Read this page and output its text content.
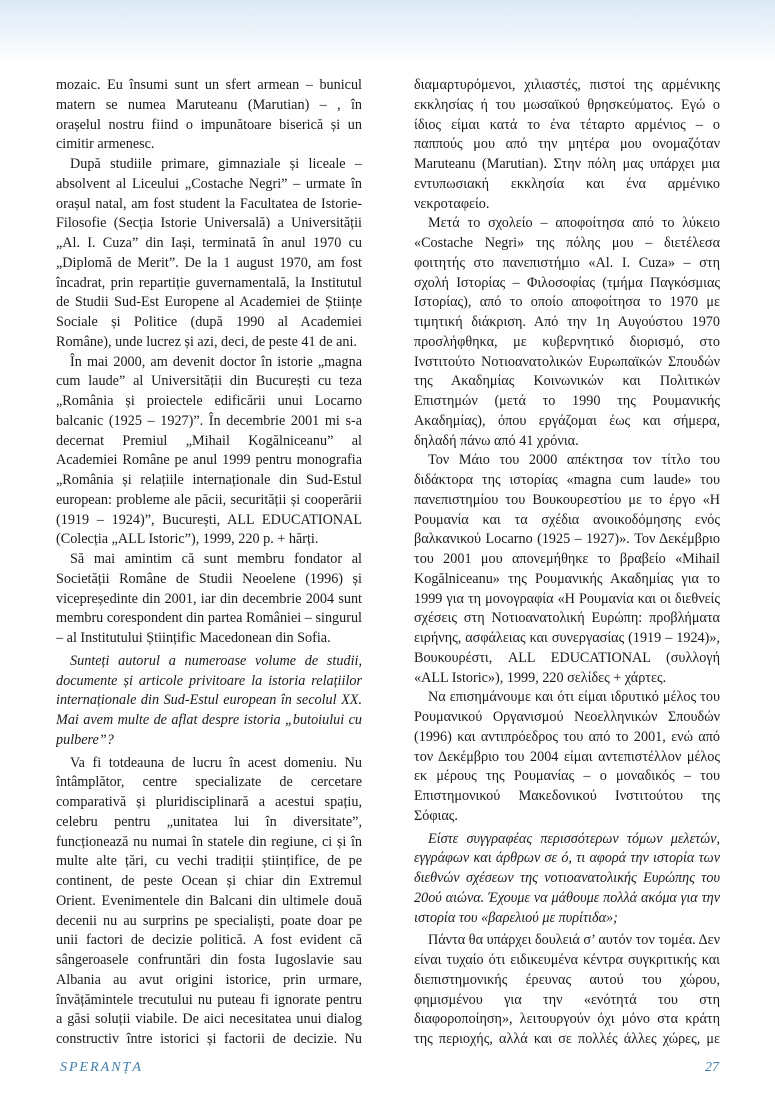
mozaic. Eu însumi sunt un sfert armean – bunicul matern se numea Maruteanu (Marutian) – , în orașelul nostru fiind o impunătoare biserică și un cimitir armenesc.

După studiile primare, gimnaziale și liceale – absolvent al Liceului „Costache Negri” – urmate în orașul natal, am fost student la Facultatea de Istorie-Filosofie (Secția Istorie Universală) a Universității „Al. I. Cuza” din Iași, terminată în anul 1970 cu „Diplomă de Merit”. De la 1 august 1970, am fost încadrat, prin repartiție guvernamentală, la Institutul de Studii Sud-Est Europene al Academiei de Științe Sociale și Politice (după 1990 al Academiei Române), unde lucrez și azi, deci, de peste 41 de ani.

În mai 2000, am devenit doctor în istorie „magna cum laude” al Universității din București cu teza „România și proiectele edificării unui Locarno balcanic (1925 – 1927)”. În decembrie 2001 mi s-a decernat Premiul „Mihail Kogălniceanu” al Academiei Române pe anul 1999 pentru monografia „România și relațiile internaționale din Sud-Estul european: probleme ale păcii, securității și cooperării (1919 – 1924)”, București, ALL EDUCATIONAL (Colecția „ALL Istoric”), 1999, 220 p. + hărți.

Să mai amintim că sunt membru fondator al Societății Române de Studii Neoelene (1996) și vicepreședinte din 2001, iar din decembrie 2004 sunt membru corespondent din partea României – singurul – al Institutului Științific Macedonean din Sofia.

Sunteți autorul a numeroase volume de studii, documente și articole privitoare la istoria relațiilor internaționale din Sud-Estul european în secolul XX. Mai avem multe de aflat despre istoria „butoiului cu pulbere”?

Va fi totdeauna de lucru în acest domeniu. Nu întâmplător, centre specializate de cercetare comparativă și pluridisciplinară a acestui spațiu, celebru pentru „unitatea lui în diversitate”, funcționează nu numai în statele din regiune, ci și în multe alte țări, cu vechi tradiții științifice, de pe continent, de peste Ocean și chiar din Extremul Orient. Evenimentele din Balcani din ultimele două decenii nu au surprins pe specialiști, poate doar pe unii factori de decizie politică. A fost evident că sângeroasele confruntări din fosta Iugoslavie sau Albania au avut origini istorice, prin urmare, învățămintele trecutului nu puteau fi ignorate pentru a găsi soluții viabile. De aici necesitatea unui dialog constructiv între istorici și factorii de decizie. Nu

διαμαρτυρόμενοι, χιλιαστές, πιστοί της αρμένικης εκκλησίας ή του μωσαϊκού θρησκεύματος. Εγώ ο ίδιος είμαι κατά το ένα τέταρτο αρμένιος – ο παππούς μου από την μητέρα μου ονομαζόταν Maruteanu (Marutian). Στην πόλη μας υπάρχει μια εντυπωσιακή εκκλησία και ένα αρμένικο νεκροταφείο.

Μετά το σχολείο – αποφοίτησα από το λύκειο «Costache Negri» της πόλης μου – διετέλεσα φοιτητής στο πανεπιστήμιο «Al. I. Cuza» – στη σχολή Ιστορίας – Φιλοσοφίας (τμήμα Παγκόσμιας Ιστορίας), από το οποίο αποφοίτησα το 1970 με τιμητική διάκριση. Από την 1η Αυγούστου 1970 προσλήφθηκα, με κυβερνητικό διορισμό, στο Ινστιτούτο Νοτιοανατολικών Ευρωπαϊκών Σπουδών της Ακαδημίας Κοινωνικών και Πολιτικών Επιστημών (μετά το 1990 της Ρουμανικής Ακαδημίας), όπου εργάζομαι έως και σήμερα, δηλαδή πάνω από 41 χρόνια.

Τον Μάιο του 2000 απέκτησα τον τίτλο του διδάκτορα της ιστορίας «magna cum laude» του πανεπιστημίου του Βουκουρεστίου με το έργο «Η Ρουμανία και τα σχέδια ανοικοδόμησης ενός βαλκανικού Locarno (1925 – 1927)». Τον Δεκέμβριο του 2001 μου απονεμήθηκε το βραβείο «Mihail Kogălniceanu» της Ρουμανικής Ακαδημίας για το 1999 για τη μονογραφία «Η Ρουμανία και οι διεθνείς σχέσεις στη Νοτιοανατολική Ευρώπη: προβλήματα ειρήνης, ασφάλειας και συνεργασίας (1919 – 1924)», Βουκουρέστι, ALL EDUCATIONAL (συλλογή «ALL Istoric»), 1999, 220 σελίδες + χάρτες.

Να επισημάνουμε και ότι είμαι ιδρυτικό μέλος του Ρουμανικού Οργανισμού Νεοελληνικών Σπουδών (1996) και αντιπρόεδρος του από το 2001, ενώ από τον Δεκέμβριο του 2004 είμαι αντεπιστέλλον μέλος εκ μέρους της Ρουμανίας – ο μοναδικός – του Επιστημονικού Μακεδονικού Ινστιτούτου της Σόφιας.

Είστε συγγραφέας περισσότερων τόμων μελετών, εγγράφων και άρθρων σε ό, τι αφορά την ιστορία των διεθνών σχέσεων της νοτιοανατολικής Ευρώπης του 20ού αιώνα. Έχουμε να μάθουμε πολλά ακόμα για την ιστορία του «βαρελιού με πυρίτιδα»;

Πάντα θα υπάρχει δουλειά σ’ αυτόν τον τομέα. Δεν είναι τυχαίο ότι ειδικευμένα κέντρα συγκριτικής και διεπιστημονικής έρευνας αυτού του χώρου, φημισμένου για την «ενότητά του στη διαφοροποίηση», λειτουργούν όχι μόνο στα κράτη της περιοχής, αλλά και σε πολλές άλλες χώρες, με

SPERANȚA	27
